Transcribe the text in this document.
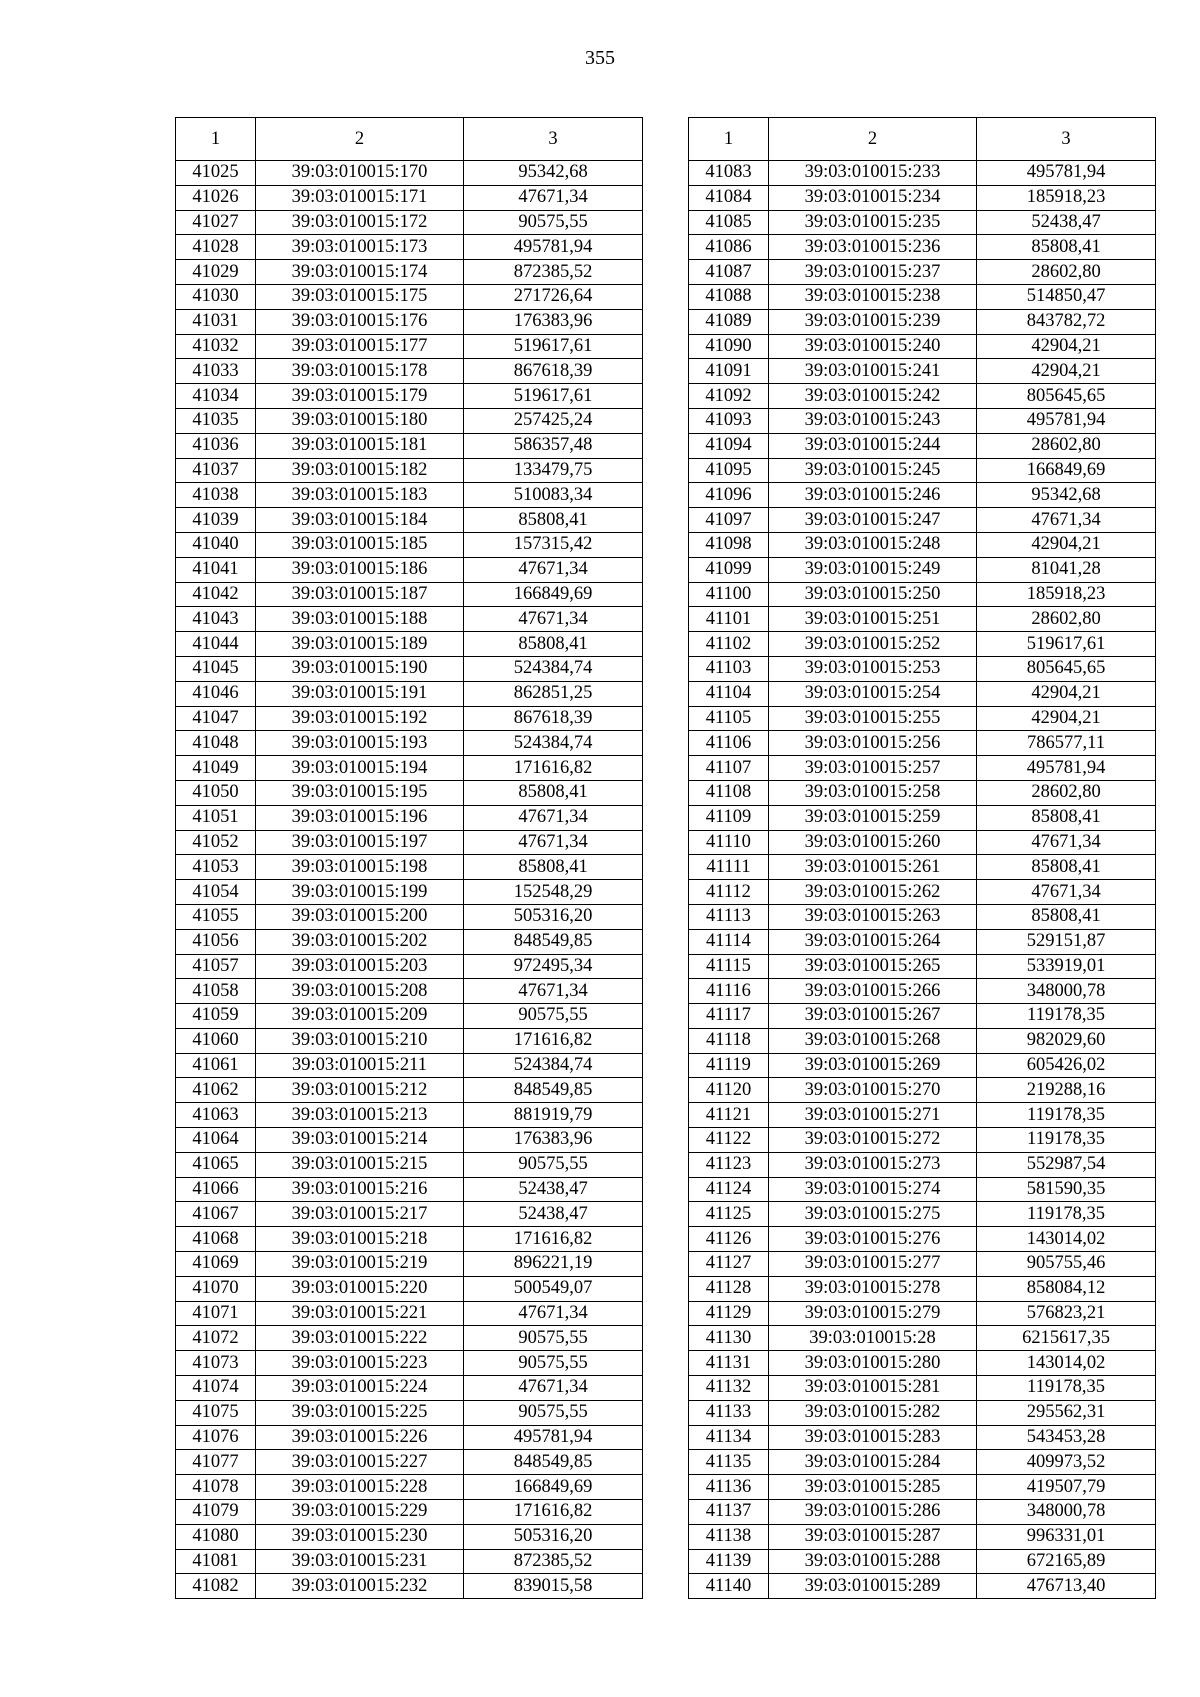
355
1	2	3
41025	39:03:010015:170	95342,68
41026	39:03:010015:171	47671,34
41027	39:03:010015:172	90575,55
41028	39:03:010015:173	495781,94
41029	39:03:010015:174	872385,52
41030	39:03:010015:175	271726,64
41031	39:03:010015:176	176383,96
41032	39:03:010015:177	519617,61
41033	39:03:010015:178	867618,39
41034	39:03:010015:179	519617,61
41035	39:03:010015:180	257425,24
41036	39:03:010015:181	586357,48
41037	39:03:010015:182	133479,75
41038	39:03:010015:183	510083,34
41039	39:03:010015:184	85808,41
41040	39:03:010015:185	157315,42
41041	39:03:010015:186	47671,34
41042	39:03:010015:187	166849,69
41043	39:03:010015:188	47671,34
41044	39:03:010015:189	85808,41
41045	39:03:010015:190	524384,74
41046	39:03:010015:191	862851,25
41047	39:03:010015:192	867618,39
41048	39:03:010015:193	524384,74
41049	39:03:010015:194	171616,82
41050	39:03:010015:195	85808,41
41051	39:03:010015:196	47671,34
41052	39:03:010015:197	47671,34
41053	39:03:010015:198	85808,41
41054	39:03:010015:199	152548,29
41055	39:03:010015:200	505316,20
41056	39:03:010015:202	848549,85
41057	39:03:010015:203	972495,34
41058	39:03:010015:208	47671,34
41059	39:03:010015:209	90575,55
41060	39:03:010015:210	171616,82
41061	39:03:010015:211	524384,74
41062	39:03:010015:212	848549,85
41063	39:03:010015:213	881919,79
41064	39:03:010015:214	176383,96
41065	39:03:010015:215	90575,55
41066	39:03:010015:216	52438,47
41067	39:03:010015:217	52438,47
41068	39:03:010015:218	171616,82
41069	39:03:010015:219	896221,19
41070	39:03:010015:220	500549,07
41071	39:03:010015:221	47671,34
41072	39:03:010015:222	90575,55
41073	39:03:010015:223	90575,55
41074	39:03:010015:224	47671,34
41075	39:03:010015:225	90575,55
41076	39:03:010015:226	495781,94
41077	39:03:010015:227	848549,85
41078	39:03:010015:228	166849,69
41079	39:03:010015:229	171616,82
41080	39:03:010015:230	505316,20
41081	39:03:010015:231	872385,52
41082	39:03:010015:232	839015,58
1	2	3
41083	39:03:010015:233	495781,94
41084	39:03:010015:234	185918,23
41085	39:03:010015:235	52438,47
41086	39:03:010015:236	85808,41
41087	39:03:010015:237	28602,80
41088	39:03:010015:238	514850,47
41089	39:03:010015:239	843782,72
41090	39:03:010015:240	42904,21
41091	39:03:010015:241	42904,21
41092	39:03:010015:242	805645,65
41093	39:03:010015:243	495781,94
41094	39:03:010015:244	28602,80
41095	39:03:010015:245	166849,69
41096	39:03:010015:246	95342,68
41097	39:03:010015:247	47671,34
41098	39:03:010015:248	42904,21
41099	39:03:010015:249	81041,28
41100	39:03:010015:250	185918,23
41101	39:03:010015:251	28602,80
41102	39:03:010015:252	519617,61
41103	39:03:010015:253	805645,65
41104	39:03:010015:254	42904,21
41105	39:03:010015:255	42904,21
41106	39:03:010015:256	786577,11
41107	39:03:010015:257	495781,94
41108	39:03:010015:258	28602,80
41109	39:03:010015:259	85808,41
41110	39:03:010015:260	47671,34
41111	39:03:010015:261	85808,41
41112	39:03:010015:262	47671,34
41113	39:03:010015:263	85808,41
41114	39:03:010015:264	529151,87
41115	39:03:010015:265	533919,01
41116	39:03:010015:266	348000,78
41117	39:03:010015:267	119178,35
41118	39:03:010015:268	982029,60
41119	39:03:010015:269	605426,02
41120	39:03:010015:270	219288,16
41121	39:03:010015:271	119178,35
41122	39:03:010015:272	119178,35
41123	39:03:010015:273	552987,54
41124	39:03:010015:274	581590,35
41125	39:03:010015:275	119178,35
41126	39:03:010015:276	143014,02
41127	39:03:010015:277	905755,46
41128	39:03:010015:278	858084,12
41129	39:03:010015:279	576823,21
41130	39:03:010015:28	6215617,35
41131	39:03:010015:280	143014,02
41132	39:03:010015:281	119178,35
41133	39:03:010015:282	295562,31
41134	39:03:010015:283	543453,28
41135	39:03:010015:284	409973,52
41136	39:03:010015:285	419507,79
41137	39:03:010015:286	348000,78
41138	39:03:010015:287	996331,01
41139	39:03:010015:288	672165,89
41140	39:03:010015:289	476713,40
